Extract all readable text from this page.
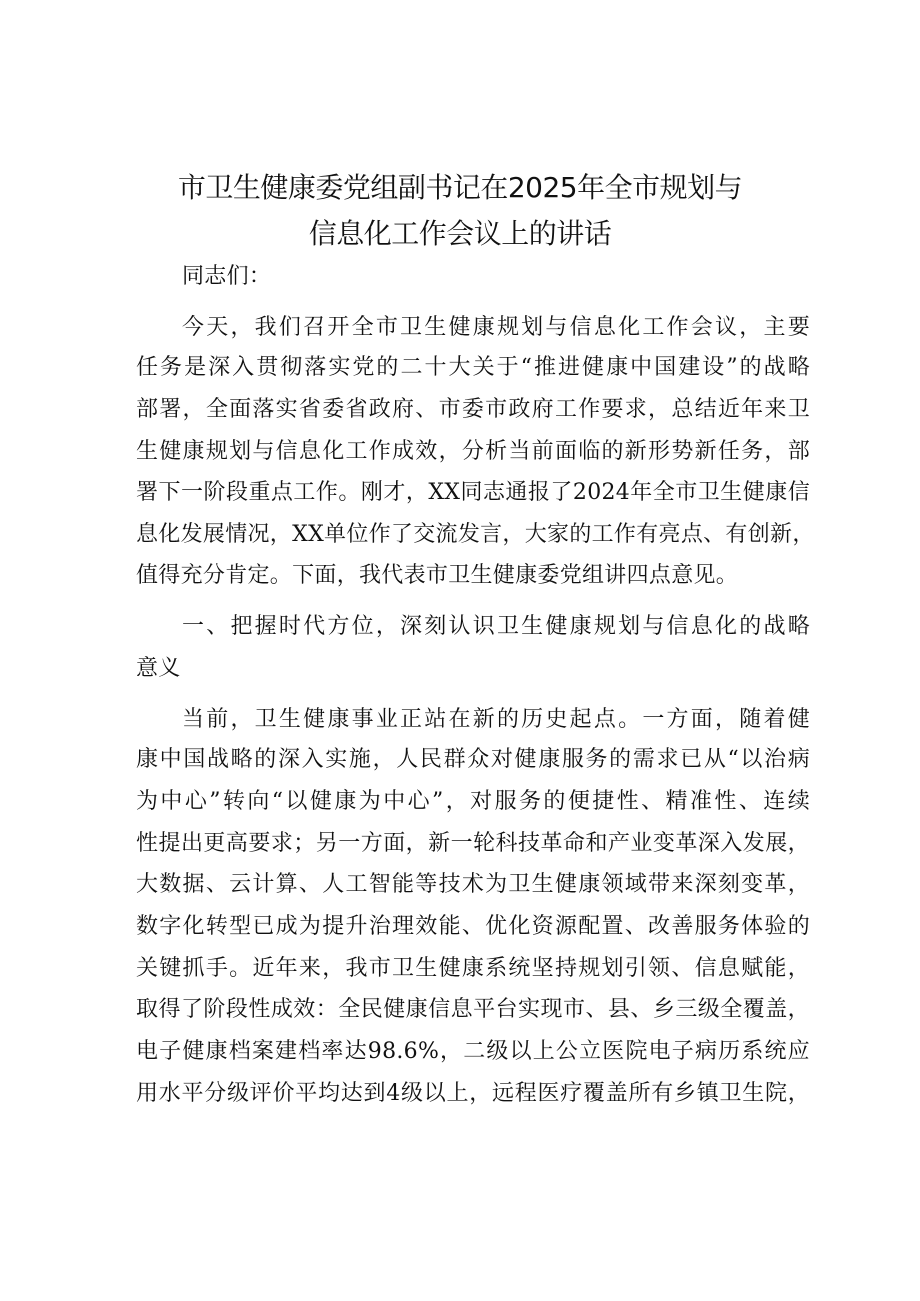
市卫生健康委党组副书记在2025年全市规划与
信息化工作会议上的讲话
同志们：
今天，我们召开全市卫生健康规划与信息化工作会议，主要
任务是深入贯彻落实党的二十大关于“推进健康中国建设”的战略
部署，全面落实省委省政府、市委市政府工作要求，总结近年来卫
生健康规划与信息化工作成效，分析当前面临的新形势新任务，部
署下一阶段重点工作。刚才，XX同志通报了2024年全市卫生健康信
息化发展情况，XX单位作了交流发言，大家的工作有亮点、有创新，
值得充分肯定。下面，我代表市卫生健康委党组讲四点意见。
一、把握时代方位，深刻认识卫生健康规划与信息化的战略
意义
当前，卫生健康事业正站在新的历史起点。一方面，随着健
康中国战略的深入实施，人民群众对健康服务的需求已从“以治病
为中心”转向“以健康为中心”，对服务的便捷性、精准性、连续
性提出更高要求；另一方面，新一轮科技革命和产业变革深入发展，
大数据、云计算、人工智能等技术为卫生健康领域带来深刻变革，
数字化转型已成为提升治理效能、优化资源配置、改善服务体验的
关键抓手。近年来，我市卫生健康系统坚持规划引领、信息赋能，
取得了阶段性成效：全民健康信息平台实现市、县、乡三级全覆盖，
电子健康档案建档率达98.6%，二级以上公立医院电子病历系统应
用水平分级评价平均达到4级以上，远程医疗覆盖所有乡镇卫生院，
